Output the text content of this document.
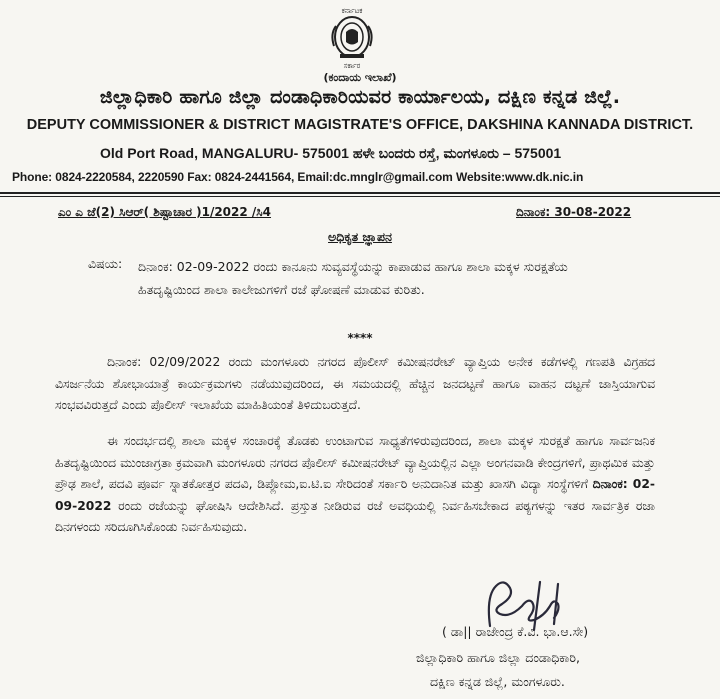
ಕರ್ನಾಟಕ
ಸರ್ಕಾರ
(ಕಂದಾಯ ಇಲಾಖೆ)
ಜಿಲ್ಲಾಧಿಕಾರಿ ಹಾಗೂ ಜಿಲ್ಲಾ ದಂಡಾಧಿಕಾರಿಯವರ ಕಾರ್ಯಾಲಯ, ದಕ್ಷಿಣ ಕನ್ನಡ ಜಿಲ್ಲೆ.
DEPUTY COMMISSIONER & DISTRICT MAGISTRATE'S OFFICE, DAKSHINA KANNADA DISTRICT.
Old Port Road, MANGALURU- 575001 ಹಳೇ ಬಂದರು ರಸ್ತೆ, ಮಂಗಳೂರು – 575001
Phone: 0824-2220584, 2220590 Fax: 0824-2441564, Email:dc.mnglr@gmail.com Website:www.dk.nic.in
ಎಂ ಎ ಜೆ(2) ಸಿಆರ್( ಶಿಷ್ಟಾಚಾರ )1/2022 /ಸಿ4	ದಿನಾಂಕ: 30-08-2022
ಅಧಿಕೃತ ಜ್ಞಾಪನ
ವಿಷಯ: ದಿನಾಂಕ: 02-09-2022 ರಂದು ಕಾನೂನು ಸುವ್ಯವಸ್ಥೆಯನ್ನು ಕಾಪಾಡುವ ಹಾಗೂ ಶಾಲಾ ಮಕ್ಕಳ ಸುರಕ್ಷತೆಯ ಹಿತದೃಷ್ಟಿಯಿಂದ ಶಾಲಾ ಕಾಲೇಜುಗಳಿಗೆ ರಜೆ ಘೋಷಣೆ ಮಾಡುವ ಕುರಿತು.
****
ದಿನಾಂಕ: 02/09/2022 ರಂದು ಮಂಗಳೂರು ನಗರದ ಪೊಲೀಸ್ ಕಮೀಷನರೇಟ್ ವ್ಯಾಪ್ತಿಯ ಅನೇಕ ಕಡೆಗಳಲ್ಲಿ ಗಣಪತಿ ವಿಗ್ರಹದ ವಿಸರ್ಜನೆಯ ಶೋಭಾಯಾತ್ರೆ ಕಾರ್ಯಕ್ರಮಗಳು ನಡೆಯುವುದರಿಂದ, ಈ ಸಮಯದಲ್ಲಿ ಹೆಚ್ಚಿನ ಜನದಟ್ಟಣೆ ಹಾಗೂ ವಾಹನ ದಟ್ಟಣೆ ಜಾಸ್ತಿಯಾಗುವ ಸಂಭವವಿರುತ್ತದೆ ಎಂದು ಪೊಲೀಸ್ ಇಲಾಖೆಯ ಮಾಹಿತಿಯಂತೆ ತಿಳಿದುಬರುತ್ತದೆ.
ಈ ಸಂದರ್ಭದಲ್ಲಿ ಶಾಲಾ ಮಕ್ಕಳ ಸಂಚಾರಕ್ಕೆ ತೊಡಕು ಉಂಟಾಗುವ ಸಾಧ್ಯತೆಗಳಿರುವುದರಿಂದ, ಶಾಲಾ ಮಕ್ಕಳ ಸುರಕ್ಷತೆ ಹಾಗೂ ಸಾರ್ವಜನಿಕ ಹಿತದೃಷ್ಟಿಯಿಂದ ಮುಂಜಾಗ್ರತಾ ಕ್ರಮವಾಗಿ ಮಂಗಳೂರು ನಗರದ ಪೊಲೀಸ್ ಕಮೀಷನರೇಟ್ ವ್ಯಾಪ್ತಿಯಲ್ಲಿನ ಎಲ್ಲಾ ಅಂಗನವಾಡಿ ಕೇಂದ್ರಗಳಿಗೆ, ಪ್ರಾಥಮಿಕ ಮತ್ತು ಪ್ರೌಢ ಶಾಲೆ, ಪದವಿ ಪೂರ್ವ ಸ್ನಾತಕೋತ್ತರ ಪದವಿ, ಡಿಪ್ಲೋಮ,ಐ.ಟಿ.ಐ ಸೇರಿದಂತೆ ಸರ್ಕಾರಿ ಅನುದಾನಿತ ಮತ್ತು ಖಾಸಗಿ ವಿದ್ಯಾ ಸಂಸ್ಥೆಗಳಿಗೆ ದಿನಾಂಕ: 02-09-2022 ರಂದು ರಜೆಯನ್ನು ಘೋಷಿಸಿ ಆದೇಶಿಸಿದೆ. ಪ್ರಸ್ತುತ ನೀಡಿರುವ ರಜೆ ಅವಧಿಯಲ್ಲಿ ನಿರ್ವಹಿಸಬೇಕಾದ ಪಠ್ಯಗಳನ್ನು ಇತರ ಸಾರ್ವತ್ರಿಕ ರಜಾ ದಿನಗಳಂದು ಸರಿದೂಗಿಸಿಕೊಂಡು ನಿರ್ವಹಿಸುವುದು.
( ಡಾ|| ರಾಜೇಂದ್ರ ಕೆ.ವಿ. ಭಾ.ಆ.ಸೇ)
ಜಿಲ್ಲಾಧಿಕಾರಿ ಹಾಗೂ ಜಿಲ್ಲಾ ದಂಡಾಧಿಕಾರಿ,
ದಕ್ಷಿಣ ಕನ್ನಡ ಜಿಲ್ಲೆ, ಮಂಗಳೂರು.
